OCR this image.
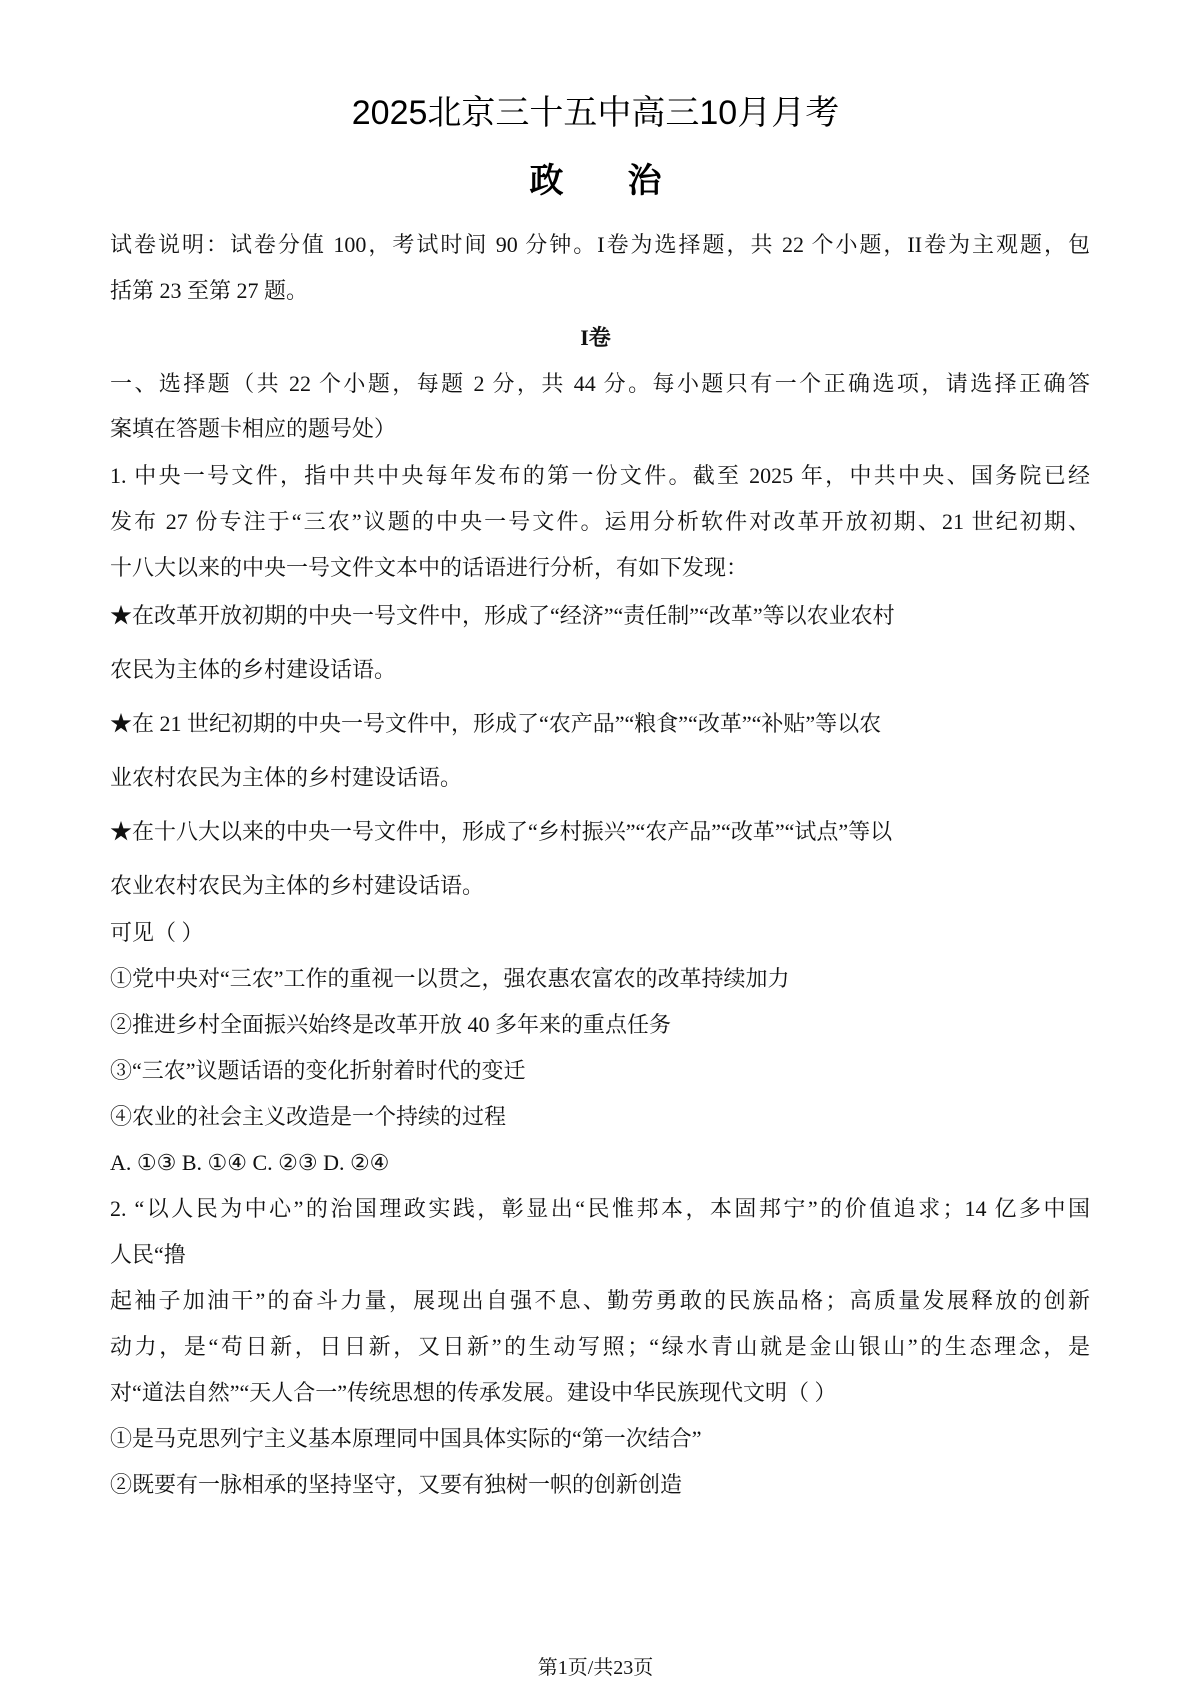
2025北京三十五中高三10月月考
政 治
试卷说明：试卷分值 100，考试时间 90 分钟。I卷为选择题，共 22 个小题，II卷为主观题，包
括第 23 至第 27 题。
I卷
一、选择题（共 22 个小题，每题 2 分，共 44 分。每小题只有一个正确选项，请选择正确答
案填在答题卡相应的题号处）
1. 中央一号文件，指中共中央每年发布的第一份文件。截至 2025 年，中共中央、国务院已经
发布 27 份专注于“三农”议题的中央一号文件。运用分析软件对改革开放初期、21 世纪初期、
十八大以来的中央一号文件文本中的话语进行分析，有如下发现：
★在改革开放初期的中央一号文件中，形成了“经济”“责任制”“改革”等以农业农村
农民为主体的乡村建设话语。
★在 21 世纪初期的中央一号文件中，形成了“农产品”“粮食”“改革”“补贴”等以农
业农村农民为主体的乡村建设话语。
★在十八大以来的中央一号文件中，形成了“乡村振兴”“农产品”“改革”“试点”等以
农业农村农民为主体的乡村建设话语。
可见（ ）
①党中央对“三农”工作的重视一以贯之，强农惠农富农的改革持续加力
②推进乡村全面振兴始终是改革开放 40 多年来的重点任务
③“三农”议题话语的变化折射着时代的变迁
④农业的社会主义改造是一个持续的过程
A. ①③ B. ①④ C. ②③ D. ②④
2. “以人民为中心”的治国理政实践，彰显出“民惟邦本，本固邦宁”的价值追求；14 亿多中国
人民“撸
起袖子加油干”的奋斗力量，展现出自强不息、勤劳勇敢的民族品格；高质量发展释放的创新
动力，是“苟日新，日日新，又日新”的生动写照；“绿水青山就是金山银山”的生态理念，是
对“道法自然”“天人合一”传统思想的传承发展。建设中华民族现代文明（ ）
①是马克思列宁主义基本原理同中国具体实际的“第一次结合”
②既要有一脉相承的坚持坚守，又要有独树一帜的创新创造
第1页/共23页
